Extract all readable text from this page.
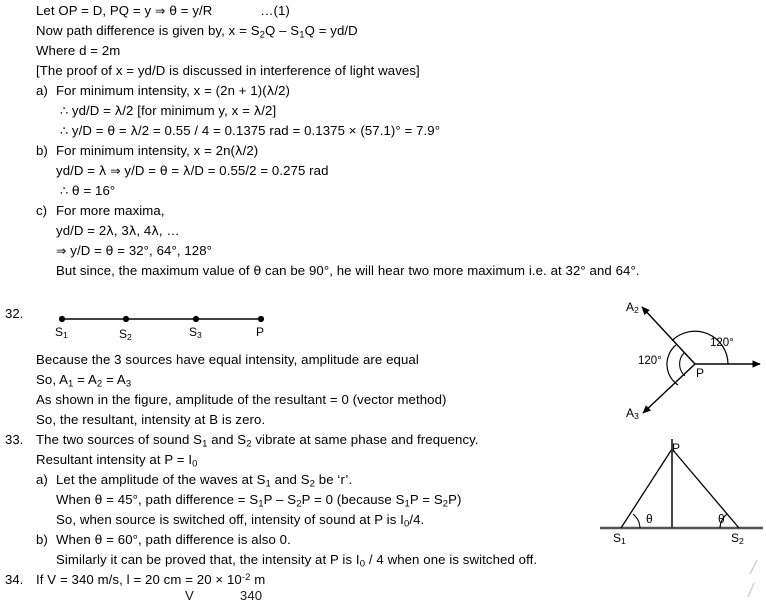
Let OP = D, PQ = y ⇒ θ = y/R	…(1)
Now path difference is given by, $x = S_2Q - S_1Q = yd/D$
Where d = 2m
[The proof of x = yd/D is discussed in interference of light waves]
a) For minimum intensity, x = (2n + 1)(λ/2)
∴ yd/D = λ/2 [for minimum y, x = λ/2]
∴ y/D = θ = λ/2 = 0.55 / 4 = 0.1375 rad = 0.1375 × (57.1)° = 7.9°
b) For minimum intensity, x = 2n(λ/2)
yd/D = λ ⇒ y/D = θ = λ/D = 0.55/2 = 0.275 rad
∴ θ = 16°
c) For more maxima,
yd/D = 2λ, 3λ, 4λ, …
⇒ y/D = θ = 32°, 64°, 128°
But since, the maximum value of θ can be 90°, he will hear two more maximum i.e. at 32° and 64°.
32.
$S_1$	$S_2$	$S_3$	P
Because the 3 sources have equal intensity, amplitude are equal
So, $A_1 = A_2 = A_3$
As shown in the figure, amplitude of the resultant = 0 (vector method)
So, the resultant, intensity at B is zero.
$A_2$
$A_3$
P
120°
120°
33. The two sources of sound $S_1$ and $S_2$ vibrate at same phase and frequency.
Resultant intensity at $P = I_0$
a) Let the amplitude of the waves at $S_1$ and $S_2$ be ‘r’.
When θ = 45°, path difference = $S_1P - S_2P = 0$ (because $S_1P = S_2P$)
So, when source is switched off, intensity of sound at P is $I_0/4$.
b) When θ = 60°, path difference is also 0.
Similarly it can be proved that, the intensity at P is $I_0 / 4$ when one is switched off.
P
$S_1$	$S_2$
θ	θ
34. If V = 340 m/s, l = 20 cm = $20 \times 10^{-2}$ m
V	340
